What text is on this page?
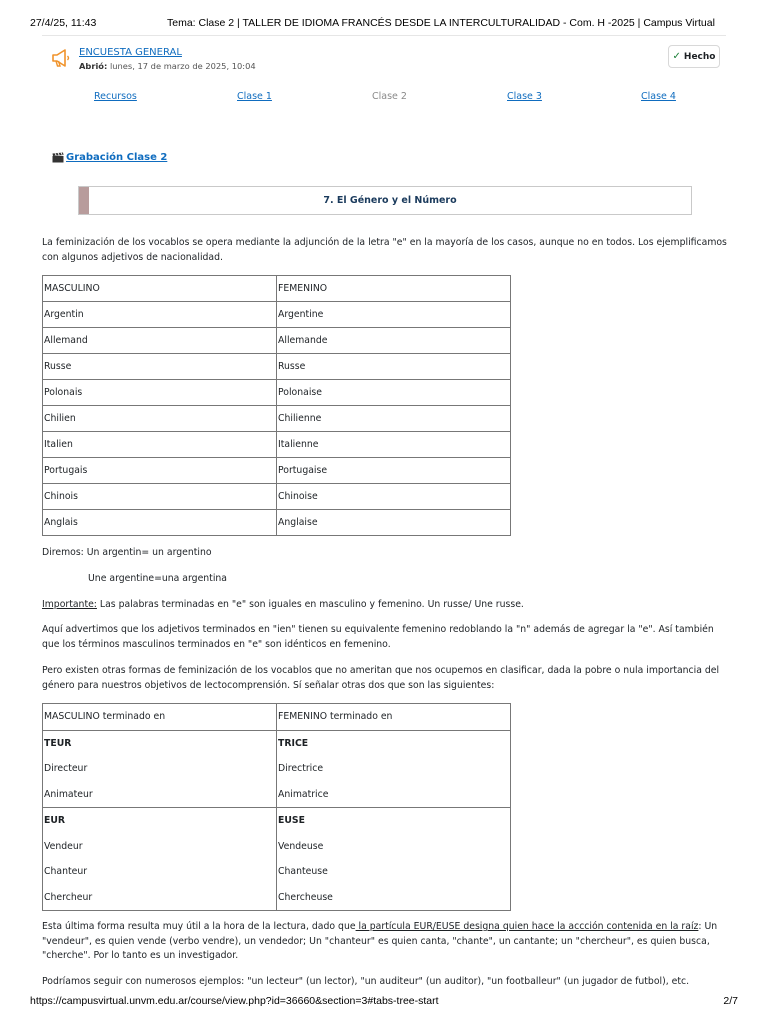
27/4/25, 11:43	Tema: Clase 2 | TALLER DE IDIOMA FRANCÉS DESDE LA INTERCULTURALIDAD - Com. H -2025 | Campus Virtual
ENCUESTA GENERAL
Abrió: lunes, 17 de marzo de 2025, 10:04
✓ Hecho
Recursos	Clase 1	Clase 2	Clase 3	Clase 4
Grabación Clase 2
7. El Género y el Número
La feminización de los vocablos se opera mediante la adjunción de la letra "e" en la mayoría de los casos, aunque no en todos. Los ejemplificamos con algunos adjetivos de nacionalidad.
MASCULINO	FEMENINO
Argentin	Argentine
Allemand	Allemande
Russe	Russe
Polonais	Polonaise
Chilien	Chilienne
Italien	Italienne
Portugais	Portugaise
Chinois	Chinoise
Anglais	Anglaise
Diremos: Un argentin= un argentino
Une argentine=una argentina
Importante: Las palabras terminadas en "e" son iguales en masculino y femenino. Un russe/ Une russe.
Aquí advertimos que los adjetivos terminados en "ien" tienen su equivalente femenino redoblando la "n" además de agregar la "e". Así también que los términos masculinos terminados en "e" son idénticos en femenino.
Pero existen otras formas de feminización de los vocablos que no ameritan que nos ocupemos en clasificar, dada la pobre o nula importancia del género para nuestros objetivos de lectocomprensión. Sí señalar otras dos que son las siguientes:
MASCULINO terminado en	FEMENINO terminado en
TEUR	TRICE
Directeur	Directrice
Animateur	Animatrice
EUR	EUSE
Vendeur	Vendeuse
Chanteur	Chanteuse
Chercheur	Chercheuse
Esta última forma resulta muy útil a la hora de la lectura, dado que la partícula EUR/EUSE designa quien hace la accción contenida en la raíz: Un "vendeur", es quien vende (verbo vendre), un vendedor; Un "chanteur" es quien canta, "chante", un cantante; un "chercheur", es quien busca, "cherche". Por lo tanto es un investigador.
Podríamos seguir con numerosos ejemplos: "un lecteur" (un lector), "un auditeur" (un auditor), "un footballeur" (un jugador de futbol), etc.
https://campusvirtual.unvm.edu.ar/course/view.php?id=36660&section=3#tabs-tree-start	2/7
